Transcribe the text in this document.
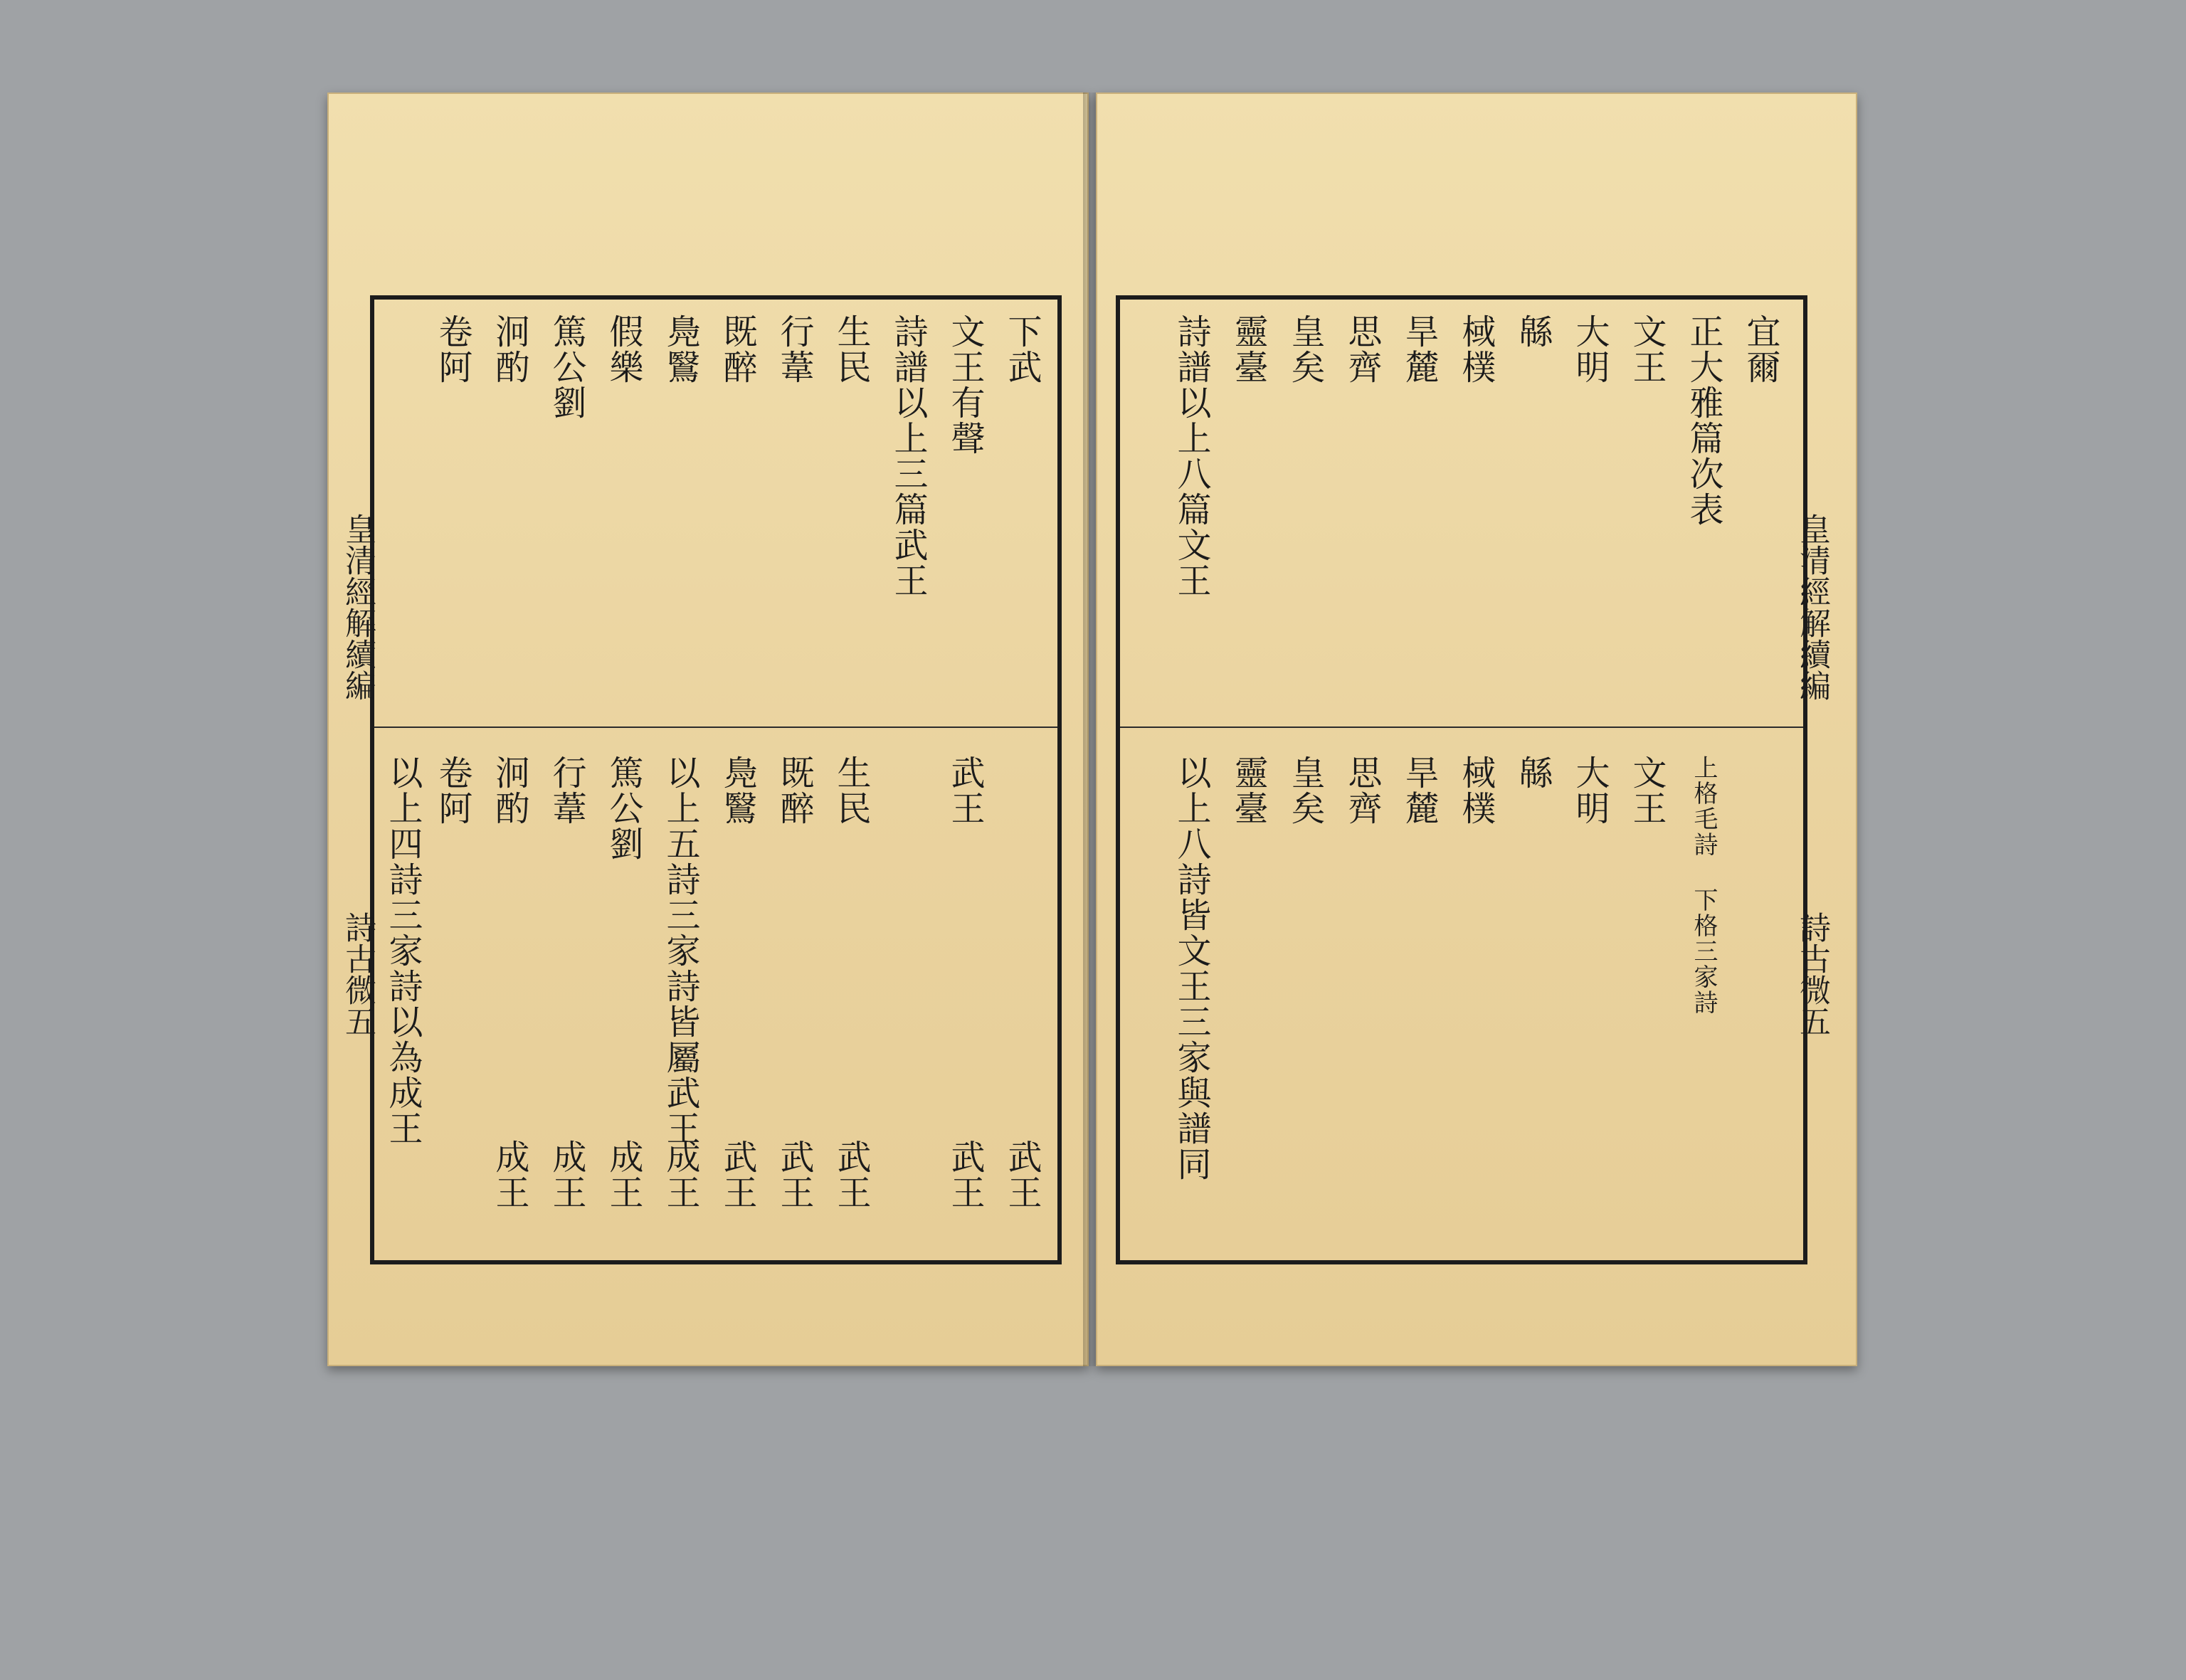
皇清經解續編
詩古微五
下武
文王有聲
武王
詩譜以上三篇武王
生民
生民
行葦
既醉
既醉
鳧鷖
鳧鷖
以上五詩三家詩皆屬武王
假樂
篤公劉
篤公劉
行葦
泂酌
泂酌
卷阿
卷阿
以上四詩三家詩以為成王
武王
武王
武王
武王
武王
成王
成王
成王
成王
皇清經解續編
詩古微五
宜爾
正大雅篇次表
上格毛詩 下格三家詩
文王
文王
大明
大明
緜
緜
棫樸
棫樸
旱麓
旱麓
思齊
思齊
皇矣
皇矣
靈臺
靈臺
詩譜以上八篇文王
以上八詩皆文王三家與譜同
